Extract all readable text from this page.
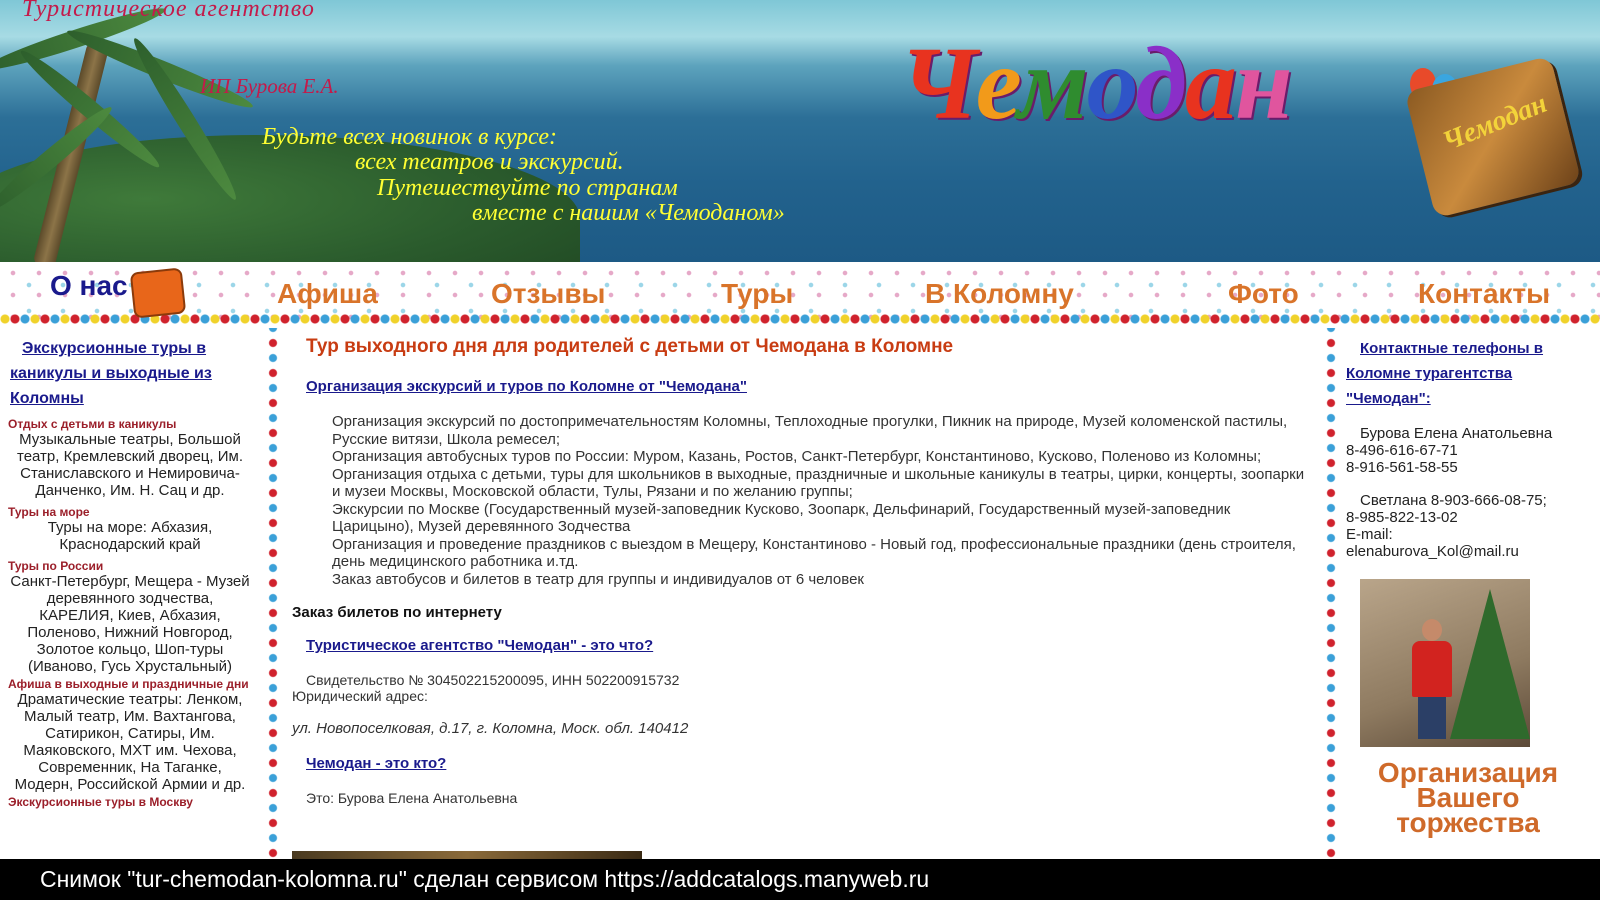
Туристическое агентство
ИП Бурова Е.А.
Будьте всех новинок в курсе:
всех театров и экскурсий.
Путешествуйте по странам
вместе с нашим «Чемоданом»
Чемодан	Чемодан
О нас	Афиша	Отзывы	Туры	В Коломну	Фото	Контакты
Экскурсионные туры в каникулы и выходные из Коломны
Отдых с детьми в каникулы
Музыкальные театры, Большой театр, Кремлевский дворец, Им. Станиславского и Немировича-Данченко, Им. Н. Сац и др.
Туры на море
Туры на море: Абхазия, Краснодарский край
Туры по России
Санкт-Петербург, Мещера - Музей деревянного зодчества, КАРЕЛИЯ, Киев, Абхазия, Поленово, Нижний Новгород, Золотое кольцо, Шоп-туры (Иваново, Гусь Хрустальный)
Афиша в выходные и праздничные дни
Драматические театры: Ленком, Малый театр, Им. Вахтангова, Сатирикон, Сатиры, Им. Маяковского, МХТ им. Чехова, Современник, На Таганке, Модерн, Российской Армии и др.
Экскурсионные туры в Москву
Тур выходного дня для родителей с детьми от Чемодана в Коломне
Организация экскурсий и туров по Коломне от "Чемодана"
Организация экскурсий по достопримечательностям Коломны, Теплоходные прогулки, Пикник на природе, Музей коломенской пастилы, Русские витязи, Школа ремесел;
Организация автобусных туров по России: Муром, Казань, Ростов, Санкт-Петербург, Константиново, Кусково, Поленово из Коломны;
Организация отдыха с детьми, туры для школьников в выходные, праздничные и школьные каникулы в театры, цирки, концерты, зоопарки и музеи Москвы, Московской области, Тулы, Рязани и по желанию группы;
Экскурсии по Москве (Государственный музей-заповедник Кусково, Зоопарк, Дельфинарий, Государственный музей-заповедник Царицыно), Музей деревянного Зодчества
Организация и проведение праздников с выездом в Мещеру, Константиново - Новый год, профессиональные праздники (день строителя, день медицинского работника и.тд.
Заказ автобусов и билетов в театр для группы и индивидуалов от 6 человек
Заказ билетов по интернету
Туристическое агентство "Чемодан" - это что?
Свидетельство № 304502215200095, ИНН 502200915732
Юридический адрес:
ул. Новопоселковая, д.17, г. Коломна, Моск. обл. 140412
Чемодан - это кто?
Это: Бурова Елена Анатольевна
Контактные телефоны в Коломне турагентства "Чемодан":
Бурова Елена Анатольевна
8-496-616-67-71
8-916-561-58-55
Светлана 8-903-666-08-75;
8-985-822-13-02
E-mail:
elenaburova_Kol@mail.ru
Организация Вашего торжества
Снимок "tur-chemodan-kolomna.ru" сделан сервисом https://addcatalogs.manyweb.ru
